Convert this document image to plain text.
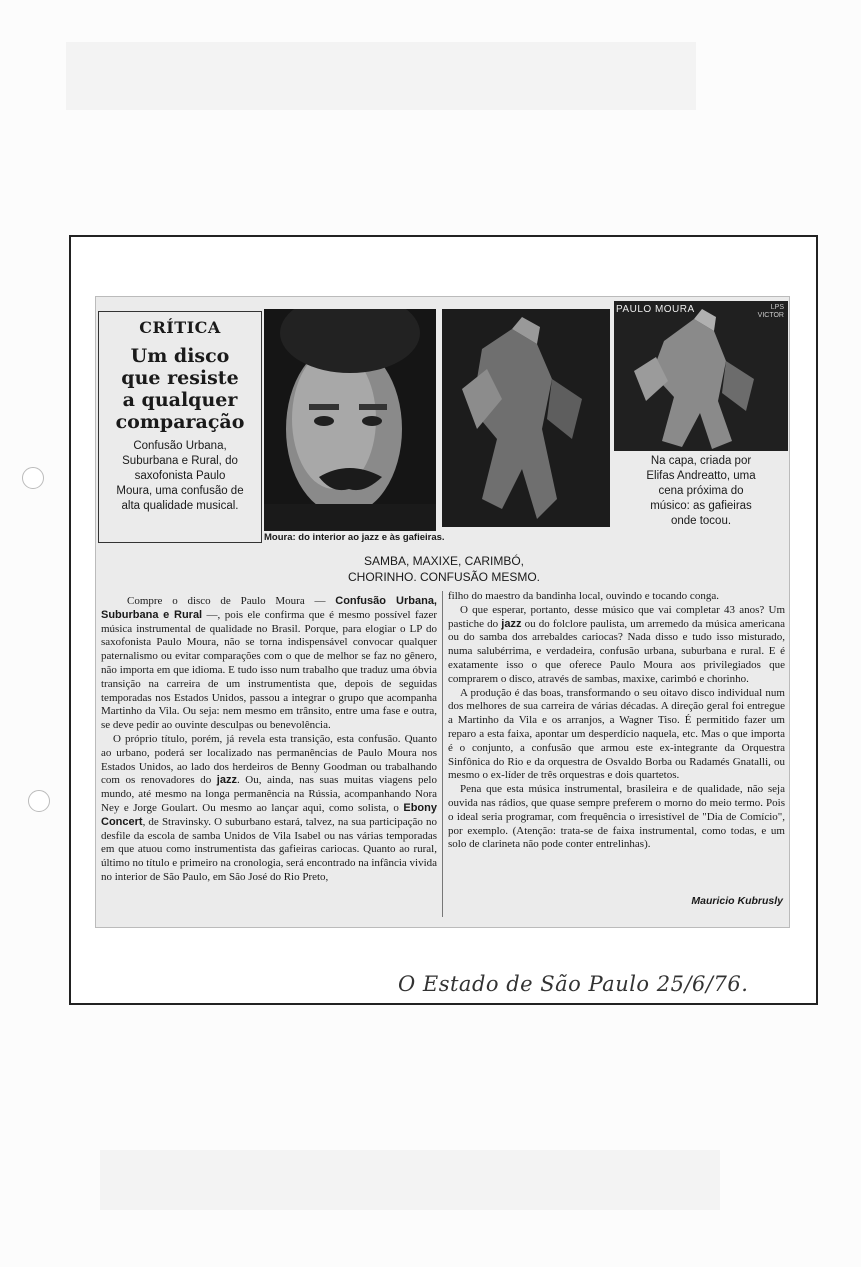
CRÍTICA
Um disco
que resiste
a qualquer
comparação
Confusão Urbana,
Suburbana e Rural, do
saxofonista Paulo
Moura, uma confusão de
alta qualidade musical.
Moura: do interior ao jazz e às gafieiras.
PAULO MOURA	LPS
VICTOR
Na capa, criada por
Elifas Andreatto, uma
cena próxima do
músico: as gafieiras
onde tocou.
SAMBA, MAXIXE, CARIMBÓ,
CHORINHO. CONFUSÃO MESMO.

Compre o disco de Paulo Moura — Confusão Urbana, Suburbana e Rural —, pois ele confirma que é mesmo possível fazer música instrumental de qualidade no Brasil. Porque, para elogiar o LP do saxofonista Paulo Moura, não se torna indispensável convocar qualquer paternalismo ou evitar comparações com o que de melhor se faz no gênero, não importa em que idioma. E tudo isso num trabalho que traduz uma óbvia transição na carreira de um instrumentista que, depois de seguidas temporadas nos Estados Unidos, passou a integrar o grupo que acompanha Martinho da Vila. Ou seja: nem mesmo em trânsito, entre uma fase e outra, se deve pedir ao ouvinte desculpas ou benevolência.

O próprio título, porém, já revela esta transição, esta confusão. Quanto ao urbano, poderá ser localizado nas permanências de Paulo Moura nos Estados Unidos, ao lado dos herdeiros de Benny Goodman ou trabalhando com os renovadores do jazz. Ou, ainda, nas suas muitas viagens pelo mundo, até mesmo na longa permanência na Rússia, acompanhando Nora Ney e Jorge Goulart. Ou mesmo ao lançar aqui, como solista, o Ebony Concert, de Stravinsky. O suburbano estará, talvez, na sua participação no desfile da escola de samba Unidos de Vila Isabel ou nas várias temporadas em que atuou como instrumentista das gafieiras cariocas. Quanto ao rural, último no título e primeiro na cronologia, será encontrado na infância vivida no interior de São Paulo, em São José do Rio Preto,

filho do maestro da bandinha local, ouvindo e tocando conga.

O que esperar, portanto, desse músico que vai completar 43 anos? Um pastiche do jazz ou do folclore paulista, um arremedo da música americana ou do samba dos arrebaldes cariocas? Nada disso e tudo isso misturado, numa salubérrima, e verdadeira, confusão urbana, suburbana e rural. E é exatamente isso o que oferece Paulo Moura aos privilegiados que comprarem o disco, através de sambas, maxixe, carimbó e chorinho.

A produção é das boas, transformando o seu oitavo disco individual num dos melhores de sua carreira de várias décadas. A direção geral foi entregue a Martinho da Vila e os arranjos, a Wagner Tiso. É permitido fazer um reparo a esta faixa, apontar um desperdício naquela, etc. Mas o que importa é o conjunto, a confusão que armou este ex-integrante da Orquestra Sinfônica do Rio e da orquestra de Osvaldo Borba ou Radamés Gnatalli, ou mesmo o ex-líder de três orquestras e dois quartetos.

Pena que esta música instrumental, brasileira e de qualidade, não seja ouvida nas rádios, que quase sempre preferem o morno do meio termo. Pois o ideal seria programar, com frequência o irresistível de "Dia de Comício", por exemplo. (Atenção: trata-se de faixa instrumental, como todas, e um solo de clarineta não pode conter entrelinhas).

Mauricio Kubrusly
O Estado de São Paulo 25/6/76.
